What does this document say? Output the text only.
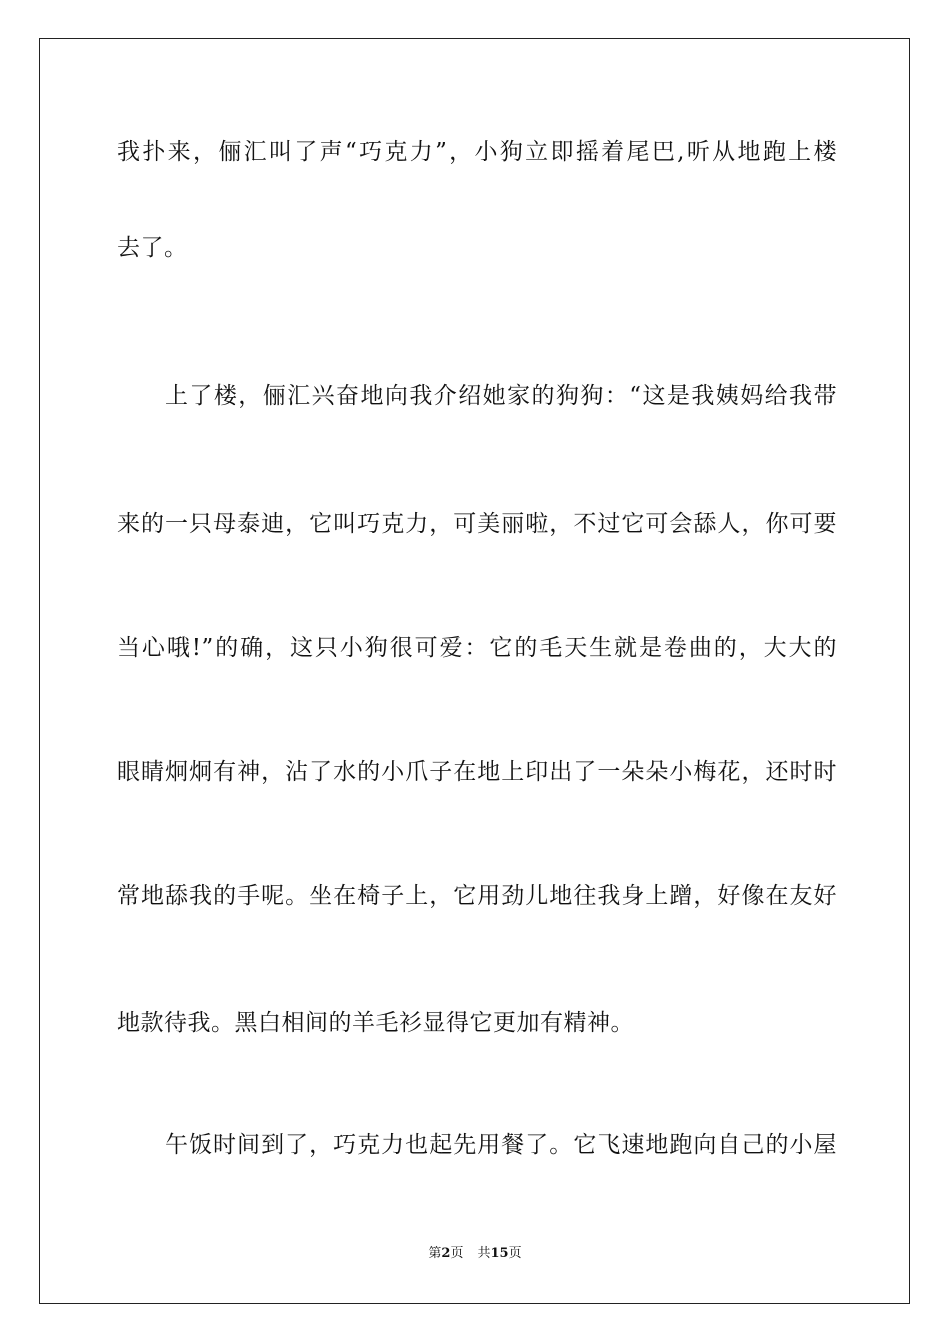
我扑来，俪汇叫了声“巧克力”，小狗立即摇着尾巴,听从地跑上楼
去了。
上了楼，俪汇兴奋地向我介绍她家的狗狗：“这是我姨妈给我带
来的一只母泰迪，它叫巧克力，可美丽啦，不过它可会舔人，你可要
当心哦!”的确，这只小狗很可爱：它的毛天生就是卷曲的，大大的
眼睛炯炯有神，沾了水的小爪子在地上印出了一朵朵小梅花，还时时
常地舔我的手呢。坐在椅子上，它用劲儿地往我身上蹭，好像在友好
地款待我。黑白相间的羊毛衫显得它更加有精神。
午饭时间到了，巧克力也起先用餐了。它飞速地跑向自己的小屋
第2页 共15页
